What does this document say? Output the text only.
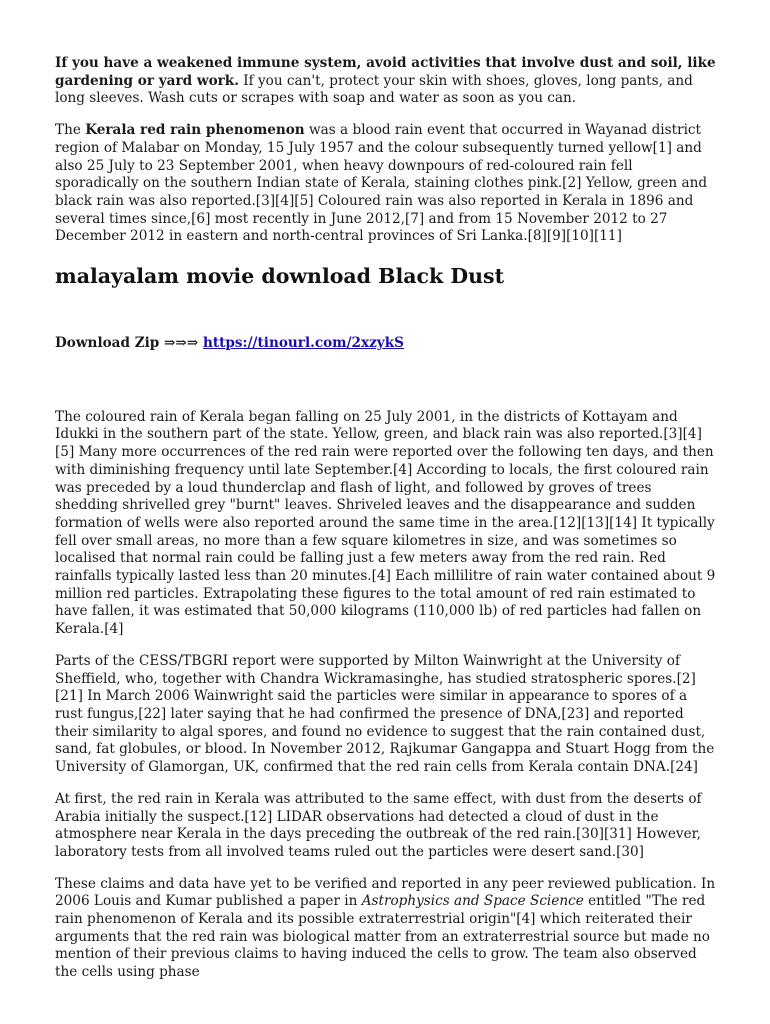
If you have a weakened immune system, avoid activities that involve dust and soil, like gardening or yard work. If you can't, protect your skin with shoes, gloves, long pants, and long sleeves. Wash cuts or scrapes with soap and water as soon as you can.

The Kerala red rain phenomenon was a blood rain event that occurred in Wayanad district region of Malabar on Monday, 15 July 1957 and the colour subsequently turned yellow[1] and also 25 July to 23 September 2001, when heavy downpours of red-coloured rain fell sporadically on the southern Indian state of Kerala, staining clothes pink.[2] Yellow, green and black rain was also reported.[3][4][5] Coloured rain was also reported in Kerala in 1896 and several times since,[6] most recently in June 2012,[7] and from 15 November 2012 to 27 December 2012 in eastern and north-central provinces of Sri Lanka.[8][9][10][11]

malayalam movie download Black Dust
Download Zip ⇒⇒⇒ https://tinourl.com/2xzykS

The coloured rain of Kerala began falling on 25 July 2001, in the districts of Kottayam and Idukki in the southern part of the state. Yellow, green, and black rain was also reported.[3][4][5] Many more occurrences of the red rain were reported over the following ten days, and then with diminishing frequency until late September.[4] According to locals, the first coloured rain was preceded by a loud thunderclap and flash of light, and followed by groves of trees shedding shrivelled grey "burnt" leaves. Shriveled leaves and the disappearance and sudden formation of wells were also reported around the same time in the area.[12][13][14] It typically fell over small areas, no more than a few square kilometres in size, and was sometimes so localised that normal rain could be falling just a few meters away from the red rain. Red rainfalls typically lasted less than 20 minutes.[4] Each millilitre of rain water contained about 9 million red particles. Extrapolating these figures to the total amount of red rain estimated to have fallen, it was estimated that 50,000 kilograms (110,000 lb) of red particles had fallen on Kerala.[4]

Parts of the CESS/TBGRI report were supported by Milton Wainwright at the University of Sheffield, who, together with Chandra Wickramasinghe, has studied stratospheric spores.[2][21] In March 2006 Wainwright said the particles were similar in appearance to spores of a rust fungus,[22] later saying that he had confirmed the presence of DNA,[23] and reported their similarity to algal spores, and found no evidence to suggest that the rain contained dust, sand, fat globules, or blood. In November 2012, Rajkumar Gangappa and Stuart Hogg from the University of Glamorgan, UK, confirmed that the red rain cells from Kerala contain DNA.[24]

At first, the red rain in Kerala was attributed to the same effect, with dust from the deserts of Arabia initially the suspect.[12] LIDAR observations had detected a cloud of dust in the atmosphere near Kerala in the days preceding the outbreak of the red rain.[30][31] However, laboratory tests from all involved teams ruled out the particles were desert sand.[30]

These claims and data have yet to be verified and reported in any peer reviewed publication. In 2006 Louis and Kumar published a paper in Astrophysics and Space Science entitled "The red rain phenomenon of Kerala and its possible extraterrestrial origin"[4] which reiterated their arguments that the red rain was biological matter from an extraterrestrial source but made no mention of their previous claims to having induced the cells to grow. The team also observed the cells using phase
